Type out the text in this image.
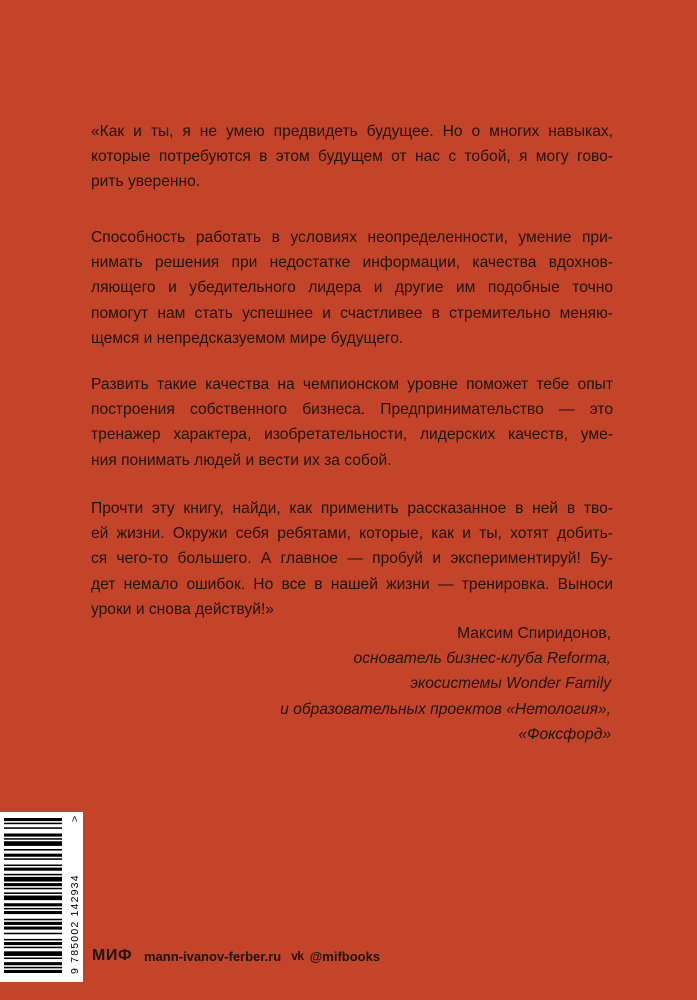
«Как и ты, я не умею предвидеть будущее. Но о многих навыках,
которые потребуются в этом будущем от нас с тобой, я могу гово-
рить уверенно.
Способность работать в условиях неопределенности, умение при-
нимать решения при недостатке информации, качества вдохнов-
ляющего и убедительного лидера и другие им подобные точно
помогут нам стать успешнее и счастливее в стремительно меняю-
щемся и непредсказуемом мире будущего.
Развить такие качества на чемпионском уровне поможет тебе опыт
построения собственного бизнеса. Предпринимательство — это
тренажер характера, изобретательности, лидерских качеств, уме-
ния понимать людей и вести их за собой.
Прочти эту книгу, найди, как применить рассказанное в ней в тво-
ей жизни. Окружи себя ребятами, которые, как и ты, хотят добить-
ся чего-то большего. А главное — пробуй и экспериментируй! Бу-
дет немало ошибок. Но все в нашей жизни — тренировка. Выноси
уроки и снова действуй!»
Максим Спиридонов,
основатель бизнес-клуба Reforma,
экосистемы Wonder Family
и образовательных проектов «Нетология»,
«Фоксфорд»
9 785002 142934
>
МИФ mann-ivanov-ferber.ru vk @mifbooks
